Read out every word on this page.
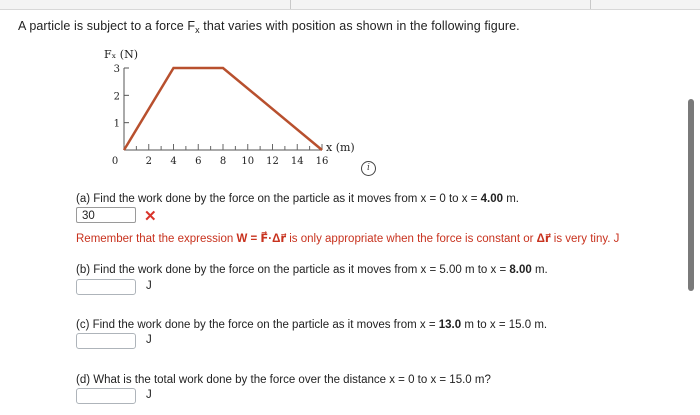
A particle is subject to a force $F_x$ that varies with position as shown in the following figure.
Fₓ (N)
x (m)
1
2
3
0	2 4 6 8 10 12 14 16
i
(a) Find the work done by the force on the particle as it moves from x = 0 to x = 4.00 m.
30	✕
Remember that the expression W = F⃗·Δr⃗ is only appropriate when the force is constant or Δr⃗ is very tiny. J
(b) Find the work done by the force on the particle as it moves from x = 5.00 m to x = 8.00 m.
J
(c) Find the work done by the force on the particle as it moves from x = 13.0 m to x = 15.0 m.
J
(d) What is the total work done by the force over the distance x = 0 to x = 15.0 m?
J
